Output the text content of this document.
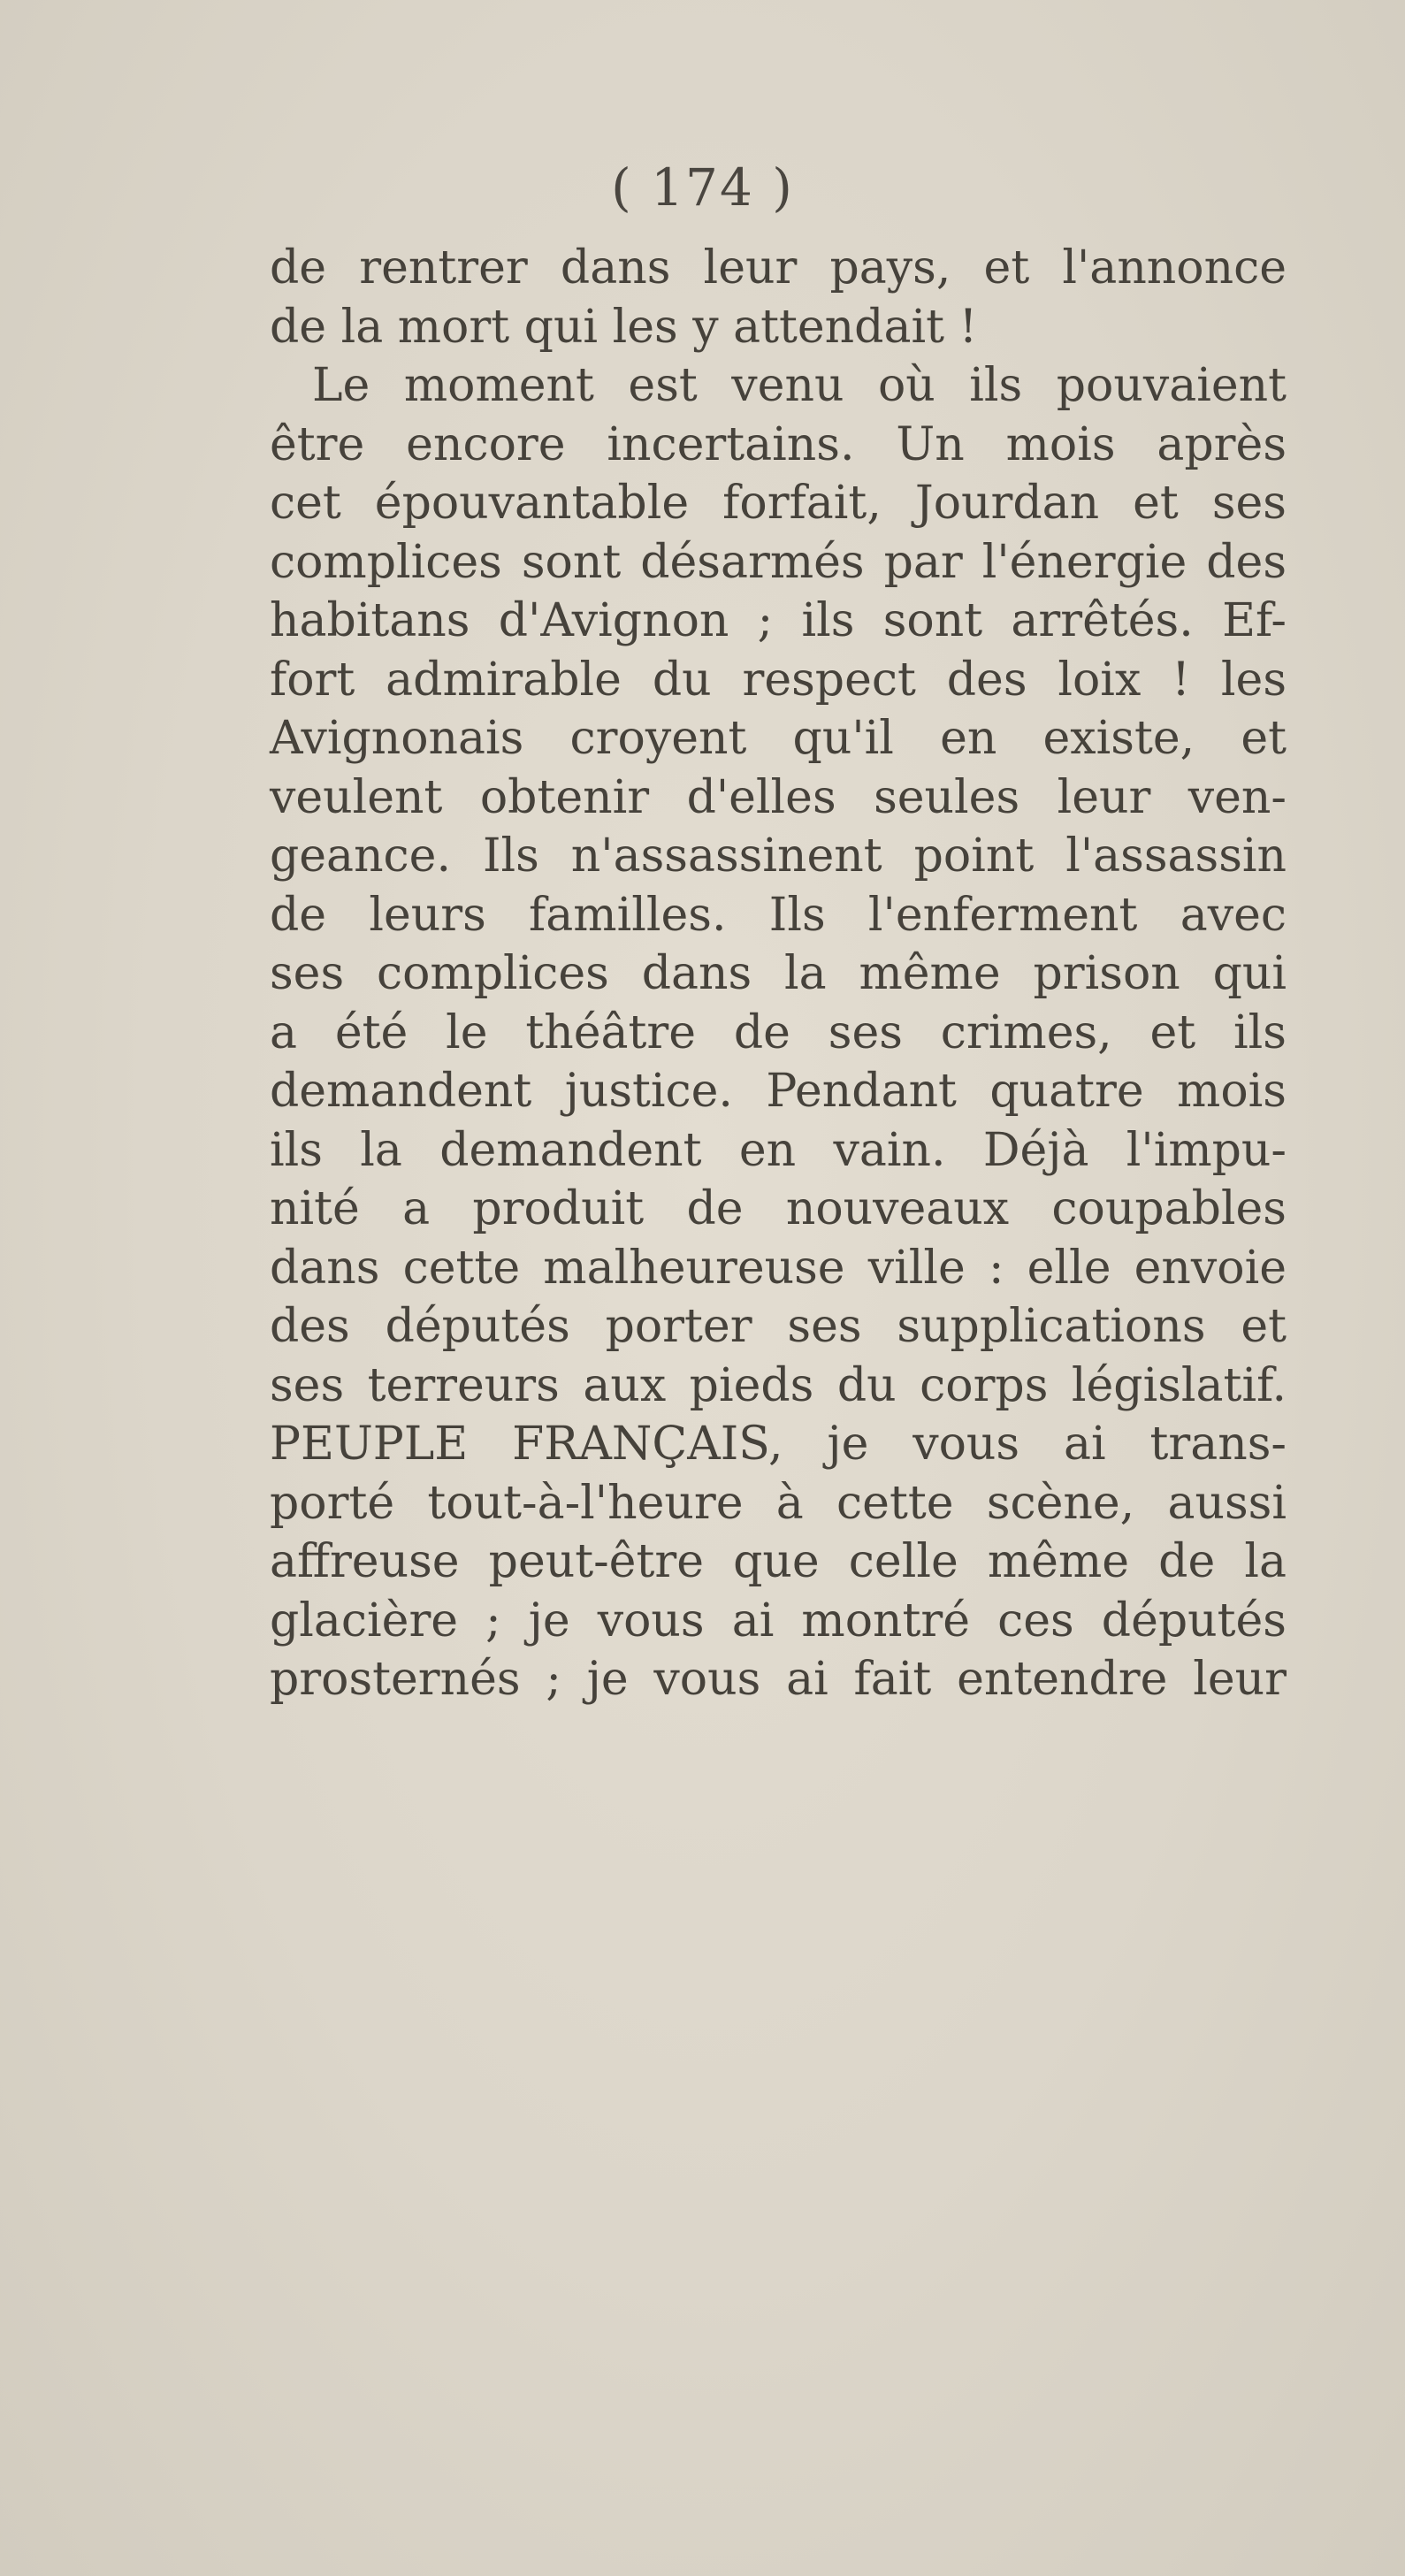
( 174 )
de rentrer dans leur pays, et l'annonce
de la mort qui les y attendait !
Le moment est venu où ils pouvaient
être encore incertains. Un mois après
cet épouvantable forfait, Jourdan et ses
complices sont désarmés par l'énergie des
habitans d'Avignon ; ils sont arrêtés. Ef-
fort admirable du respect des loix ! les
Avignonais croyent qu'il en existe, et
veulent obtenir d'elles seules leur ven-
geance. Ils n'assassinent point l'assassin
de leurs familles. Ils l'enferment avec
ses complices dans la même prison qui
a été le théâtre de ses crimes, et ils
demandent justice. Pendant quatre mois
ils la demandent en vain. Déjà l'impu-
nité a produit de nouveaux coupables
dans cette malheureuse ville : elle envoie
des députés porter ses supplications et
ses terreurs aux pieds du corps législatif.
PEUPLE FRANÇAIS, je vous ai trans-
porté tout-à-l'heure à cette scène, aussi
affreuse peut-être que celle même de la
glacière ; je vous ai montré ces députés
prosternés ; je vous ai fait entendre leur
